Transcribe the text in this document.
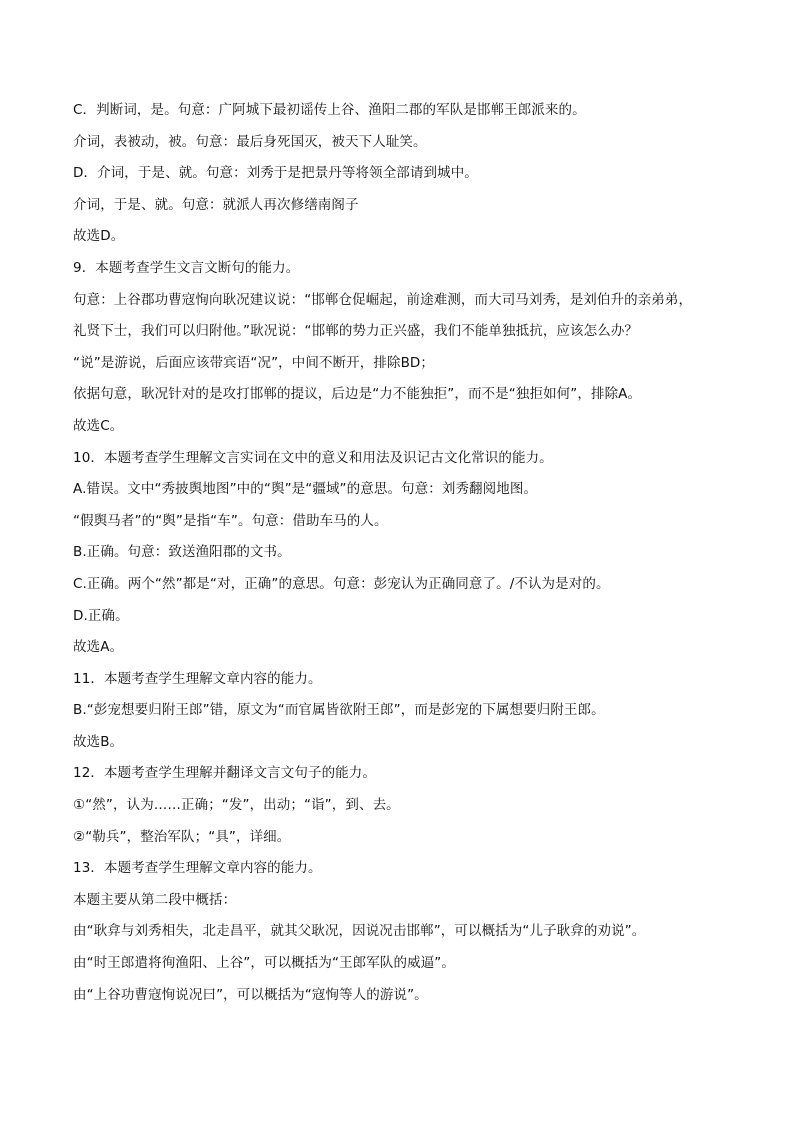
C．判断词，是。句意：广阿城下最初谣传上谷、渔阳二郡的军队是邯郸王郎派来的。
介词，表被动，被。句意：最后身死国灭，被天下人耻笑。
D．介词，于是、就。句意：刘秀于是把景丹等将领全部请到城中。
介词，于是、就。句意：就派人再次修缮南阁子
故选D。
9．本题考查学生文言文断句的能力。
句意：上谷郡功曹寇恂向耿况建议说：“邯郸仓促崛起，前途难测，而大司马刘秀，是刘伯升的亲弟弟，
礼贤下士，我们可以归附他。”耿况说：“邯郸的势力正兴盛，我们不能单独抵抗，应该怎么办？
“说”是游说，后面应该带宾语“况”，中间不断开，排除BD；
依据句意，耿况针对的是攻打邯郸的提议，后边是“力不能独拒”，而不是“独拒如何”，排除A。
故选C。
10．本题考查学生理解文言实词在文中的意义和用法及识记古文化常识的能力。
A.错误。文中“秀披舆地图”中的“舆”是“疆域”的意思。句意：刘秀翻阅地图。
“假舆马者”的“舆”是指“车”。句意：借助车马的人。
B.正确。句意：致送渔阳郡的文书。
C.正确。两个“然”都是“对，正确”的意思。句意：彭宠认为正确同意了。/不认为是对的。
D.正确。
故选A。
11．本题考查学生理解文章内容的能力。
B.“彭宠想要归附王郎”错，原文为“而官属皆欲附王郎”，而是彭宠的下属想要归附王郎。
故选B。
12．本题考查学生理解并翻译文言文句子的能力。
①“然”，认为……正确；“发”，出动；“诣”，到、去。
②“勒兵”，整治军队；“具”，详细。
13．本题考查学生理解文章内容的能力。
本题主要从第二段中概括：
由“耿弇与刘秀相失，北走昌平，就其父耿况，因说况击邯郸”，可以概括为“儿子耿弇的劝说”。
由“时王郎遣将徇渔阳、上谷”，可以概括为“王郎军队的威逼”。
由“上谷功曹寇恂说况曰”，可以概括为“寇恂等人的游说”。
